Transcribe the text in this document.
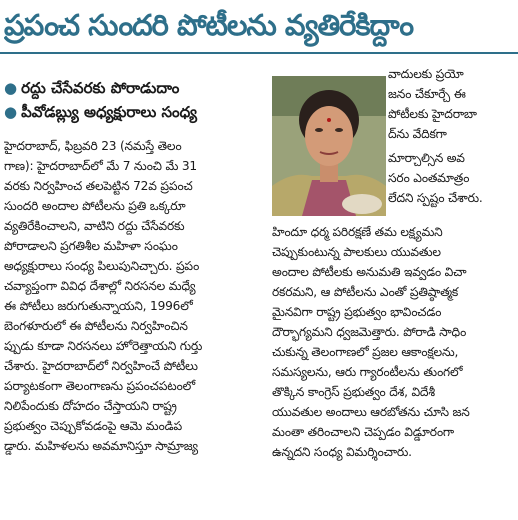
ప్రపంచ సుందరి పోటీలను వ్యతిరేకిద్దాం
● రద్దు చేసేవరకు పోరాడుదాం
● పీవోడబ్ల్యు అధ్యక్షురాలు సంధ్య
హైదరాబాద్, ఫిబ్రవరి 23 (నమస్తే తెలం
గాణ): హైదరాబాద్‌లో మే 7 నుంచి మే 31
వరకు నిర్వహించ తలపెట్టిన 72వ ప్రపంచ
సుందరి అందాల పోటీలను ప్రతి ఒక్కరూ
వ్యతిరేకించాలని, వాటిని రద్దు చేసేవరకు
పోరాడాలని ప్రగతిశీల మహిళా సంఘం
అధ్యక్షురాలు సంధ్య పిలుపునిచ్చారు. ప్రపం
చవ్యాప్తంగా వివిధ దేశాల్లో నిరసనల మధ్యే
ఈ పోటీలు జరుగుతున్నాయని, 1996లో
బెంగళూరులో ఈ పోటీలను నిర్వహించిన
ప్పుడు కూడా నిరసనలు హోరెత్తాయని గుర్తు
చేశారు. హైదరాబాద్‌లో నిర్వహించే పోటీలు
పర్యాటకంగా తెలంగాణను ప్రపంచపటంలో
నిలిపేందుకు దోహదం చేస్తాయని రాష్ట్ర
ప్రభుత్వం చెప్పుకోవడంపై ఆమె మండిప
డ్డారు. మహిళలను అవమానిస్తూ సామ్రాజ్య
వాదులకు ప్రయో
జనం చేకూర్చే ఈ
పోటీలకు హైదరాబా
ద్‌ను వేదికగా
మార్చాల్సిన అవ
సరం ఎంతమాత్రం
లేదని స్పష్టం చేశారు.
హిందూ ధర్మ పరిరక్షణే తమ లక్ష్యమని
చెప్పుకుంటున్న పాలకులు యువతుల
అందాల పోటీలకు అనుమతి ఇవ్వడం విచా
రకరమని, ఆ పోటీలను ఎంతో ప్రతిష్ఠాత్మక
మైనవిగా రాష్ట్ర ప్రభుత్వం భావించడం
దౌర్భాగ్యమని ధ్వజమెత్తారు. పోరాడి సాధిం
చుకున్న తెలంగాణలో ప్రజల ఆకాంక్షలను,
సమస్యలను, ఆరు గ్యారంటీలను తుంగలో
తొక్కిన కాంగ్రెస్ ప్రభుత్వం దేశ, విదేశీ
యువతుల అందాలు ఆరబోతను చూసి జన
మంతా తరించాలని చెప్పడం విడ్డూరంగా
ఉన్నదని సంధ్య విమర్శించారు.
